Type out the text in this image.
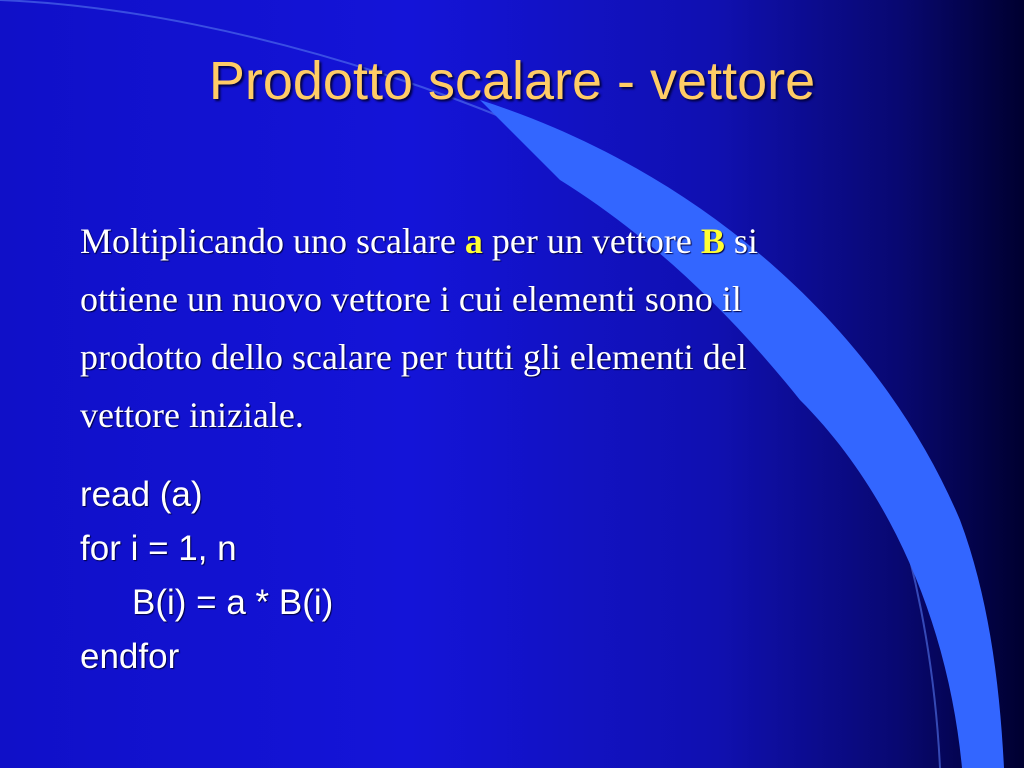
Prodotto scalare - vettore
Moltiplicando uno scalare a per un vettore B si
ottiene un nuovo vettore i cui elementi sono il
prodotto dello scalare per tutti gli elementi del
vettore iniziale.
read (a)
for i = 1, n
B(i) = a * B(i)
endfor
